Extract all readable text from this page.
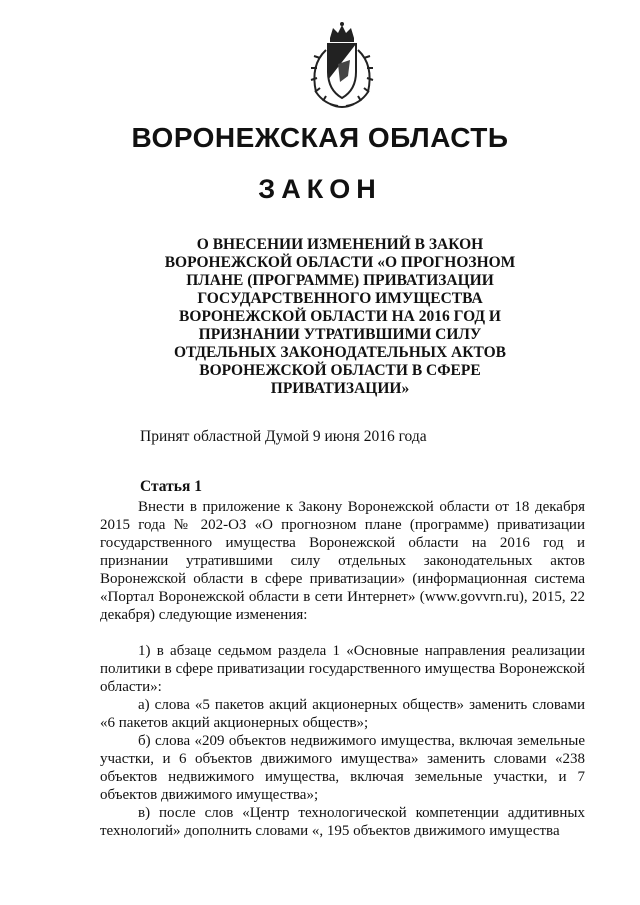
ВОРОНЕЖСКАЯ ОБЛАСТЬ
ЗАКОН
О ВНЕСЕНИИ ИЗМЕНЕНИЙ В ЗАКОН
ВОРОНЕЖСКОЙ ОБЛАСТИ «О ПРОГНОЗНОМ
ПЛАНЕ (ПРОГРАММЕ) ПРИВАТИЗАЦИИ
ГОСУДАРСТВЕННОГО ИМУЩЕСТВА
ВОРОНЕЖСКОЙ ОБЛАСТИ НА 2016 ГОД И
ПРИЗНАНИИ УТРАТИВШИМИ СИЛУ
ОТДЕЛЬНЫХ ЗАКОНОДАТЕЛЬНЫХ АКТОВ
ВОРОНЕЖСКОЙ ОБЛАСТИ В СФЕРЕ
ПРИВАТИЗАЦИИ»
Принят областной Думой 9 июня 2016 года
Статья 1

Внести в приложение к Закону Воронежской области от 18 декабря 2015 года № 202-ОЗ «О прогнозном плане (программе) приватизации государственного имущества Воронежской области на 2016 год и признании утратившими силу отдельных законодательных актов Воронежской области в сфере приватизации» (информационная система «Портал Воронежской области в сети Интернет» (www.govvrn.ru), 2015, 22 декабря) следующие изменения:

1) в абзаце седьмом раздела 1 «Основные направления реализации политики в сфере приватизации государственного имущества Воронежской области»:

а) слова «5 пакетов акций акционерных обществ» заменить словами «6 пакетов акций акционерных обществ»;

б) слова «209 объектов недвижимого имущества, включая земельные участки, и 6 объектов движимого имущества» заменить словами «238 объектов недвижимого имущества, включая земельные участки, и 7 объектов движимого имущества»;

в) после слов «Центр технологической компетенции аддитивных технологий» дополнить словами «, 195 объектов движимого имущества
